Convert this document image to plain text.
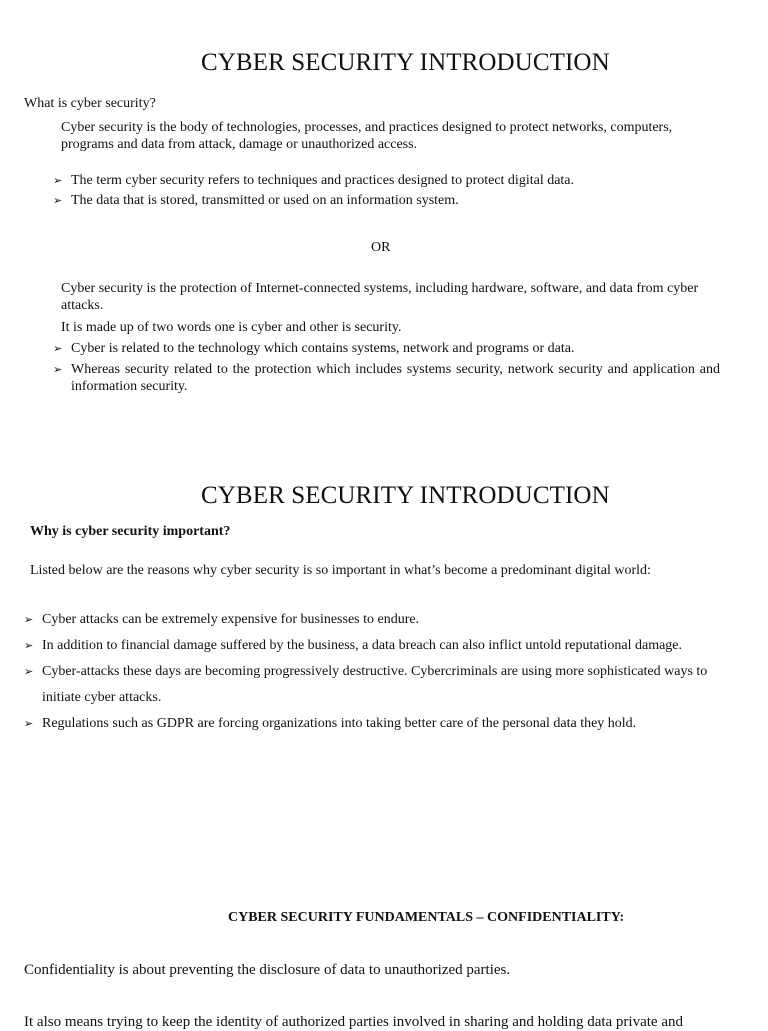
CYBER SECURITY INTRODUCTION

What is cyber security?

Cyber security is the body of technologies, processes, and practices designed to protect networks, computers, programs and data from attack, damage or unauthorized access.

➢ The term cyber security refers to techniques and practices designed to protect digital data.

➢ The data that is stored, transmitted or used on an information system.

OR

Cyber security is the protection of Internet-connected systems, including hardware, software, and data from cyber attacks.

It is made up of two words one is cyber and other is security.

➢ Cyber is related to the technology which contains systems, network and programs or data.

➢ Whereas security related to the protection which includes systems security, network security and application and information security.

CYBER SECURITY INTRODUCTION

Why is cyber security important?

Listed below are the reasons why cyber security is so important in what’s become a predominant digital world:

➢ Cyber attacks can be extremely expensive for businesses to endure.

➢ In addition to financial damage suffered by the business, a data breach can also inflict untold reputational damage.

➢ Cyber-attacks these days are becoming progressively destructive. Cybercriminals are using more sophisticated ways to initiate cyber attacks.

➢ Regulations such as GDPR are forcing organizations into taking better care of the personal data they hold.

CYBER SECURITY FUNDAMENTALS – CONFIDENTIALITY:

Confidentiality is about preventing the disclosure of data to unauthorized parties.

It also means trying to keep the identity of authorized parties involved in sharing and holding data private and
